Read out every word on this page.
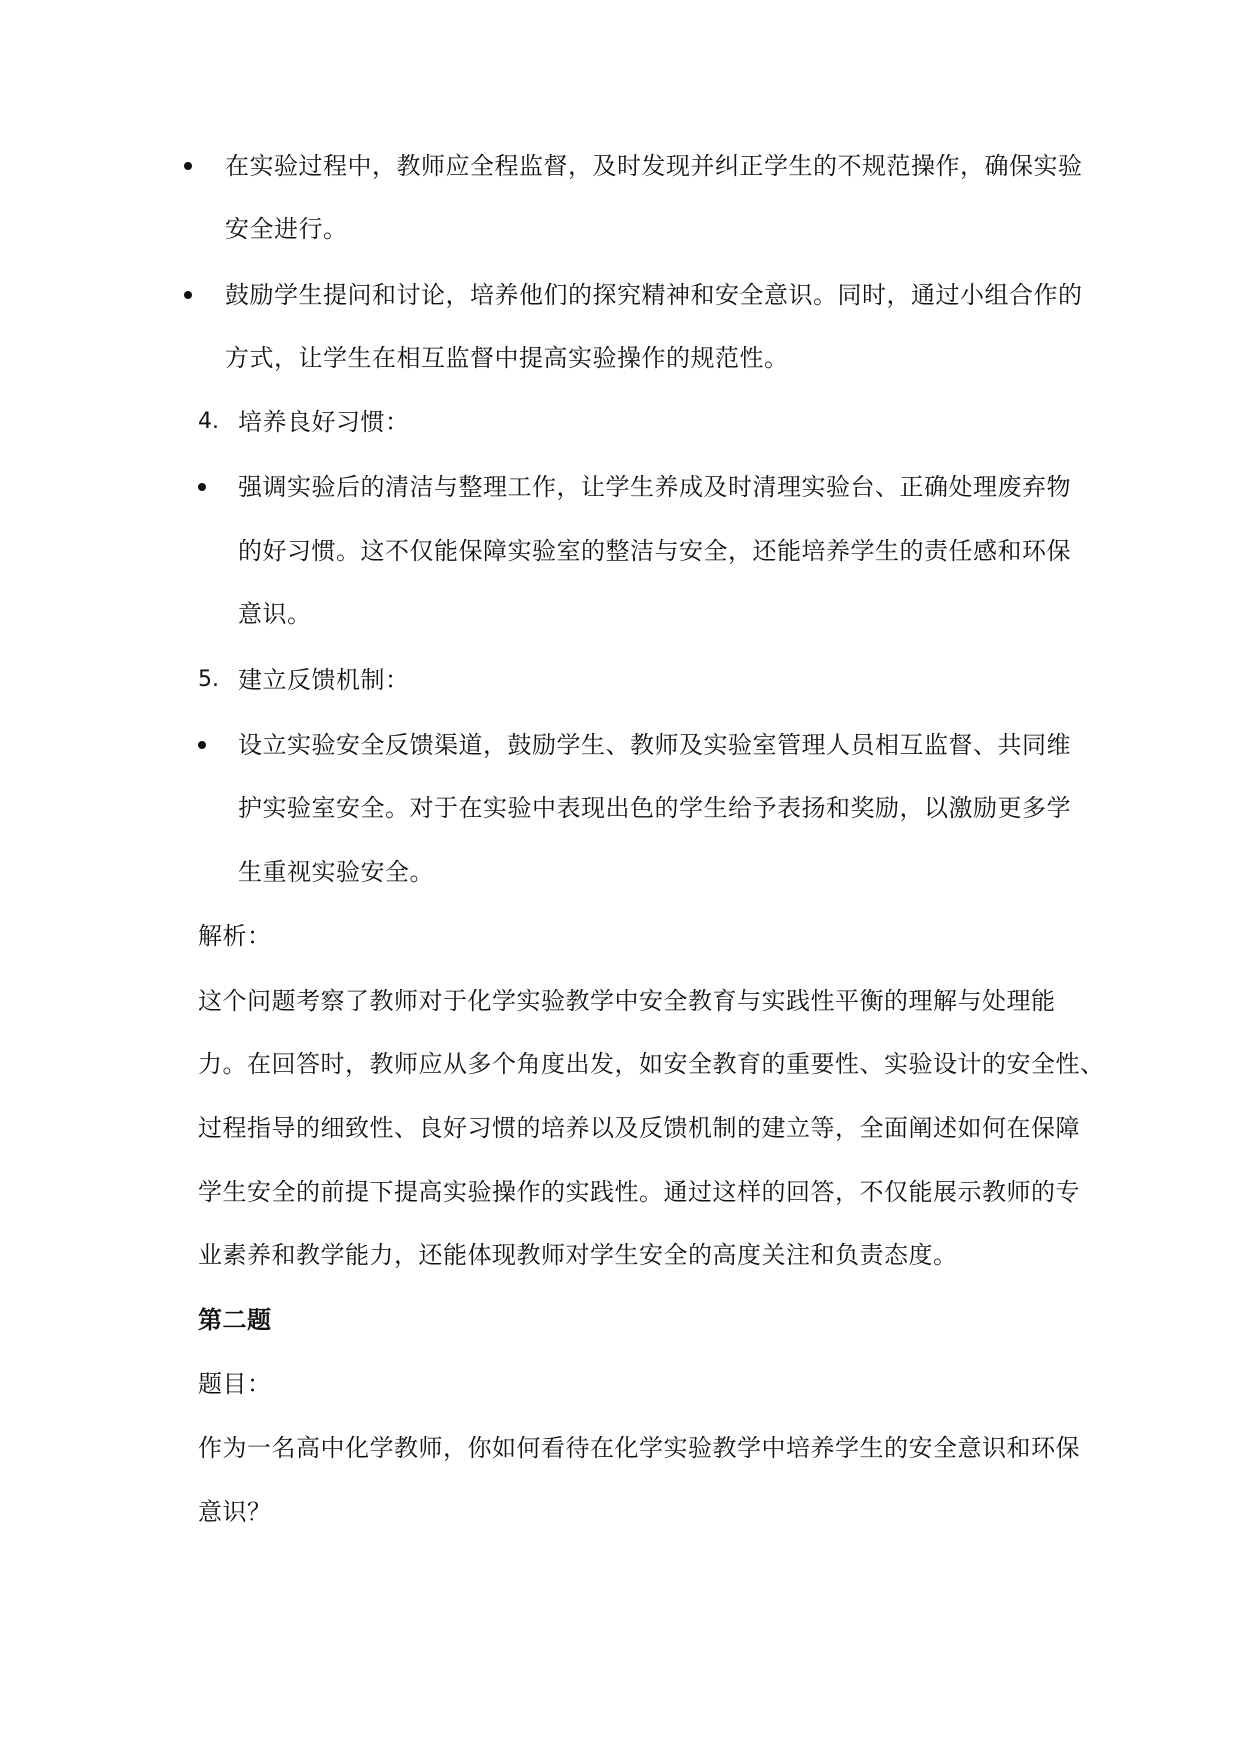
在实验过程中，教师应全程监督，及时发现并纠正学生的不规范操作，确保实验
安全进行。
鼓励学生提问和讨论，培养他们的探究精神和安全意识。同时，通过小组合作的
方式，让学生在相互监督中提高实验操作的规范性。
4. 培养良好习惯：
强调实验后的清洁与整理工作，让学生养成及时清理实验台、正确处理废弃物
的好习惯。这不仅能保障实验室的整洁与安全，还能培养学生的责任感和环保
意识。
5. 建立反馈机制：
设立实验安全反馈渠道，鼓励学生、教师及实验室管理人员相互监督、共同维
护实验室安全。对于在实验中表现出色的学生给予表扬和奖励，以激励更多学
生重视实验安全。
解析：
这个问题考察了教师对于化学实验教学中安全教育与实践性平衡的理解与处理能
力。在回答时，教师应从多个角度出发，如安全教育的重要性、实验设计的安全性、
过程指导的细致性、良好习惯的培养以及反馈机制的建立等，全面阐述如何在保障
学生安全的前提下提高实验操作的实践性。通过这样的回答，不仅能展示教师的专
业素养和教学能力，还能体现教师对学生安全的高度关注和负责态度。
第二题
题目：
作为一名高中化学教师，你如何看待在化学实验教学中培养学生的安全意识和环保
意识？
